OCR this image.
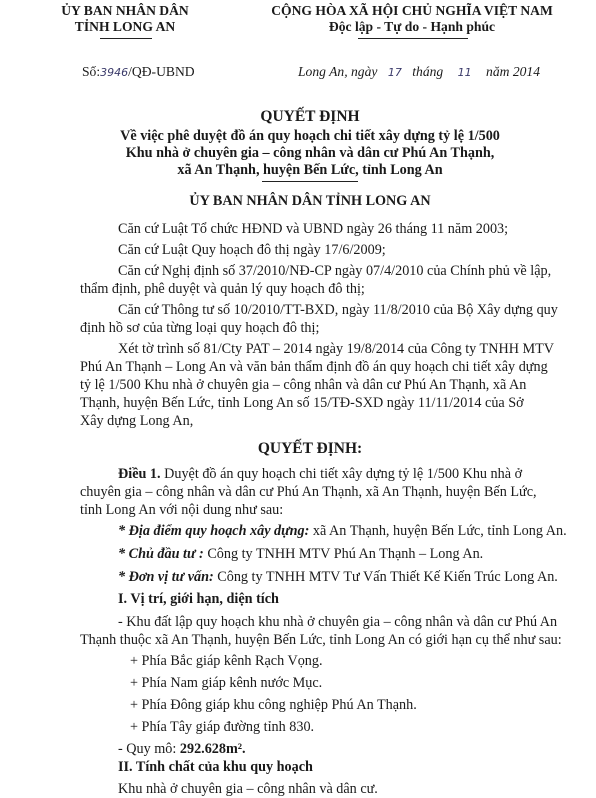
ỦY BAN NHÂN DÂN
TỈNH LONG AN
Số:3946/QĐ-UBND
CỘNG HÒA XÃ HỘI CHỦ NGHĨA VIỆT NAM
Độc lập - Tự do - Hạnh phúc
Long An, ngày 17 tháng 11 năm 2014
QUYẾT ĐỊNH
Về việc phê duyệt đồ án quy hoạch chi tiết xây dựng tỷ lệ 1/500
Khu nhà ở chuyên gia – công nhân và dân cư Phú An Thạnh,
xã An Thạnh, huyện Bến Lức, tỉnh Long An
ỦY BAN NHÂN DÂN TỈNH LONG AN
Căn cứ Luật Tổ chức HĐND và UBND ngày 26 tháng 11 năm 2003;
Căn cứ Luật Quy hoạch đô thị ngày 17/6/2009;
Căn cứ Nghị định số 37/2010/NĐ-CP ngày 07/4/2010 của Chính phủ về lập,
thẩm định, phê duyệt và quản lý quy hoạch đô thị;
Căn cứ Thông tư số 10/2010/TT-BXD, ngày 11/8/2010 của Bộ Xây dựng quy
định hồ sơ của từng loại quy hoạch đô thị;
Xét tờ trình số 81/Cty PAT – 2014 ngày 19/8/2014 của Công ty TNHH MTV
Phú An Thạnh – Long An và văn bản thẩm định đồ án quy hoạch chi tiết xây dựng
tỷ lệ 1/500 Khu nhà ở chuyên gia – công nhân và dân cư Phú An Thạnh, xã An
Thạnh, huyện Bến Lức, tỉnh Long An số 15/TĐ-SXD ngày 11/11/2014 của Sở
Xây dựng Long An,
QUYẾT ĐỊNH:
Điều 1. Duyệt đồ án quy hoạch chi tiết xây dựng tỷ lệ 1/500 Khu nhà ở
chuyên gia – công nhân và dân cư Phú An Thạnh, xã An Thạnh, huyện Bến Lức,
tỉnh Long An với nội dung như sau:
* Địa điểm quy hoạch xây dựng: xã An Thạnh, huyện Bến Lức, tỉnh Long An.
* Chủ đầu tư : Công ty TNHH MTV Phú An Thạnh – Long An.
* Đơn vị tư vấn: Công ty TNHH MTV Tư Vấn Thiết Kế Kiến Trúc Long An.
I. Vị trí, giới hạn, diện tích
- Khu đất lập quy hoạch khu nhà ở chuyên gia – công nhân và dân cư Phú An
Thạnh thuộc xã An Thạnh, huyện Bến Lức, tỉnh Long An có giới hạn cụ thể như sau:
+ Phía Bắc giáp kênh Rạch Vọng.
+ Phía Nam giáp kênh nước Mục.
+ Phía Đông giáp khu công nghiệp Phú An Thạnh.
+ Phía Tây giáp đường tỉnh 830.
- Quy mô: 292.628m².
II. Tính chất của khu quy hoạch
Khu nhà ở chuyên gia – công nhân và dân cư.
